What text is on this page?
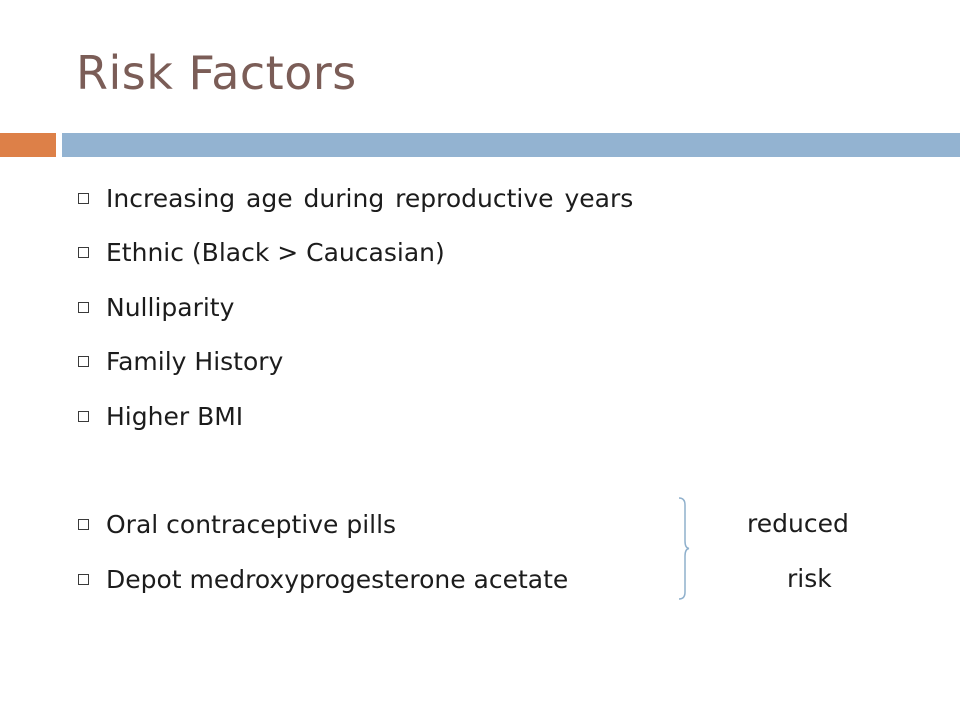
Risk Factors
Increasing age during reproductive years
Ethnic (Black > Caucasian)
Nulliparity
Family History
Higher BMI
Oral contraceptive pills
Depot medroxyprogesterone acetate
reduced
risk
